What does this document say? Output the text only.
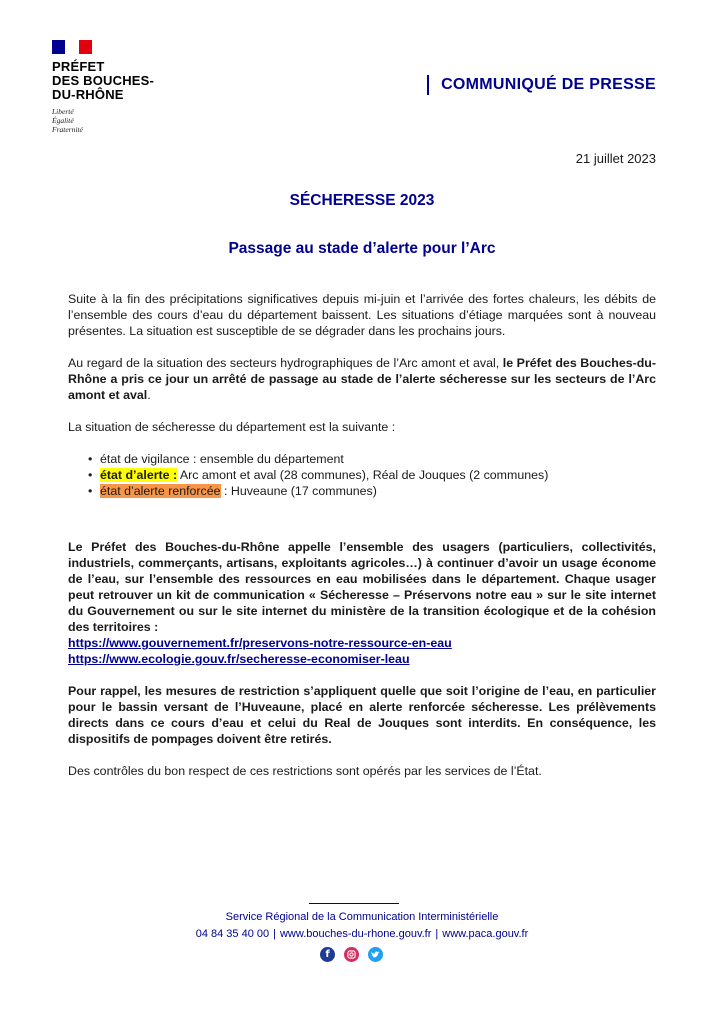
PRÉFET
DES BOUCHES-
DU-RHÔNE
Liberté
Égalité
Fraternité
COMMUNIQUÉ DE PRESSE
21 juillet 2023
SÉCHERESSE 2023
Passage au stade d’alerte pour l’Arc

Suite à la fin des précipitations significatives depuis mi-juin et l’arrivée des fortes chaleurs, les débits de l’ensemble des cours d’eau du département baissent. Les situations d’étiage marquées sont à nouveau présentes. La situation est susceptible de se dégrader dans les prochains jours.

Au regard de la situation des secteurs hydrographiques de l’Arc amont et aval, le Préfet des Bouches-du-Rhône a pris ce jour un arrêté de passage au stade de l’alerte sécheresse sur les secteurs de l’Arc amont et aval.

La situation de sécheresse du département est la suivante :

• état de vigilance : ensemble du département
• état d’alerte : Arc amont et aval (28 communes), Réal de Jouques (2 communes)
• état d’alerte renforcée : Huveaune (17 communes)

Le Préfet des Bouches-du-Rhône appelle l’ensemble des usagers (particuliers, collectivités, industriels, commerçants, artisans, exploitants agricoles…) à continuer d’avoir un usage économe de l’eau, sur l’ensemble des ressources en eau mobilisées dans le département. Chaque usager peut retrouver un kit de communication « Sécheresse – Préservons notre eau » sur le site internet du Gouvernement ou sur le site internet du ministère de la transition écologique et de la cohésion des territoires :

https://www.gouvernement.fr/preservons-notre-ressource-en-eau
https://www.ecologie.gouv.fr/secheresse-economiser-leau

Pour rappel, les mesures de restriction s’appliquent quelle que soit l’origine de l’eau, en particulier pour le bassin versant de l’Huveaune, placé en alerte renforcée sécheresse. Les prélèvements directs dans ce cours d’eau et celui du Real de Jouques sont interdits. En conséquence, les dispositifs de pompages doivent être retirés.

Des contrôles du bon respect de ces restrictions sont opérés par les services de l’État.

Service Régional de la Communication Interministérielle
04 84 35 40 00 | www.bouches-du-rhone.gouv.fr | www.paca.gouv.fr
f
